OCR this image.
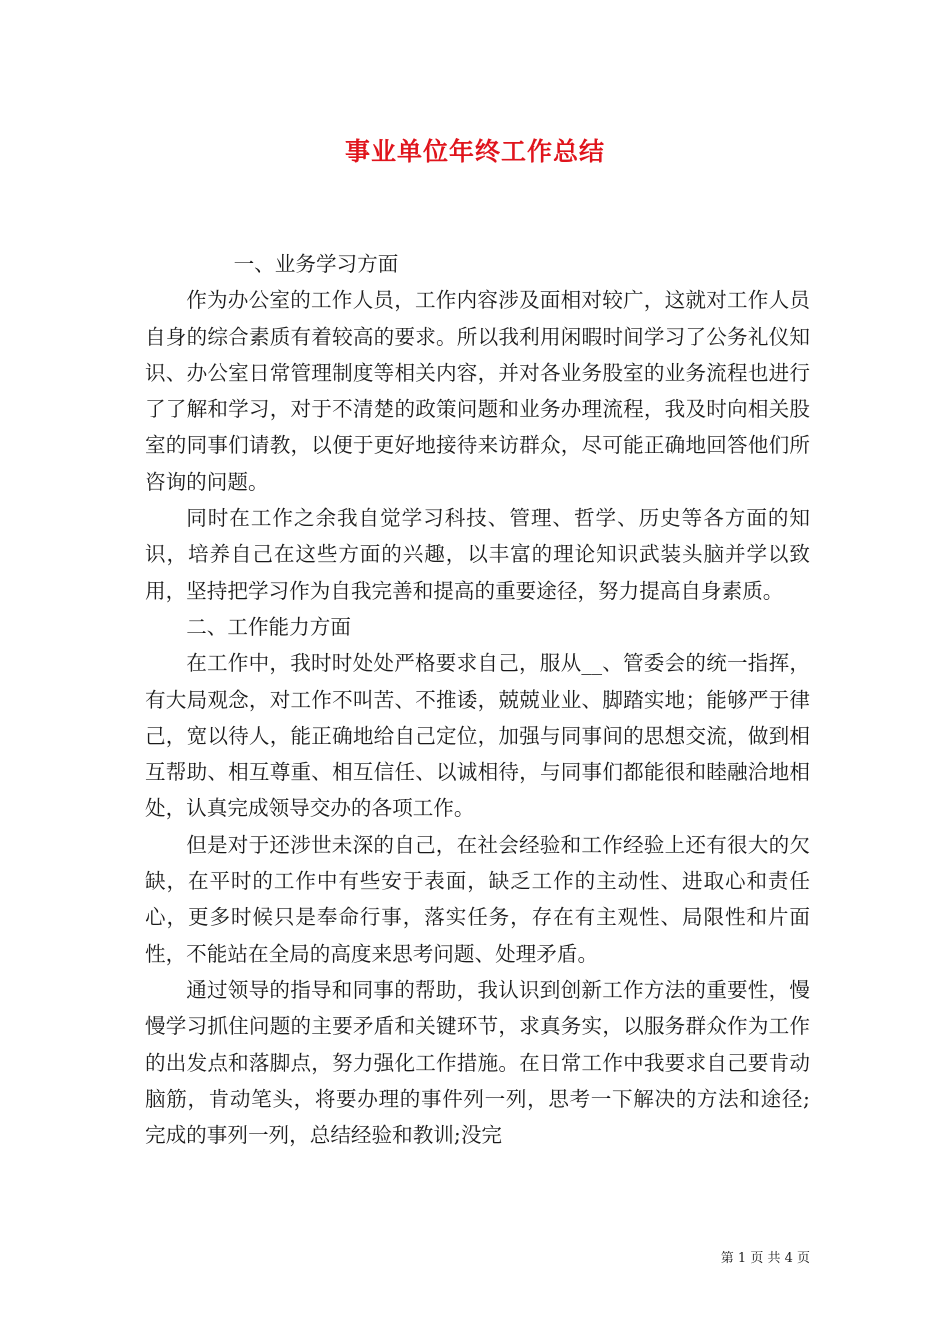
事业单位年终工作总结

一、业务学习方面

作为办公室的工作人员，工作内容涉及面相对较广，这就对工作人员自身的综合素质有着较高的要求。所以我利用闲暇时间学习了公务礼仪知识、办公室日常管理制度等相关内容，并对各业务股室的业务流程也进行了了解和学习，对于不清楚的政策问题和业务办理流程，我及时向相关股室的同事们请教，以便于更好地接待来访群众，尽可能正确地回答他们所咨询的问题。

同时在工作之余我自觉学习科技、管理、哲学、历史等各方面的知识，培养自己在这些方面的兴趣，以丰富的理论知识武装头脑并学以致用，坚持把学习作为自我完善和提高的重要途径，努力提高自身素质。

二、工作能力方面

在工作中，我时时处处严格要求自己，服从__、管委会的统一指挥，有大局观念，对工作不叫苦、不推诿，兢兢业业、脚踏实地；能够严于律己，宽以待人，能正确地给自己定位，加强与同事间的思想交流，做到相互帮助、相互尊重、相互信任、以诚相待，与同事们都能很和睦融洽地相处，认真完成领导交办的各项工作。

但是对于还涉世未深的自己，在社会经验和工作经验上还有很大的欠缺，在平时的工作中有些安于表面，缺乏工作的主动性、进取心和责任心，更多时候只是奉命行事，落实任务，存在有主观性、局限性和片面性，不能站在全局的高度来思考问题、处理矛盾。

通过领导的指导和同事的帮助，我认识到创新工作方法的重要性，慢慢学习抓住问题的主要矛盾和关键环节，求真务实，以服务群众作为工作的出发点和落脚点，努力强化工作措施。在日常工作中我要求自己要肯动脑筋，肯动笔头，将要办理的事件列一列，思考一下解决的方法和途径;完成的事列一列，总结经验和教训;没完

第 1 页 共 4 页
